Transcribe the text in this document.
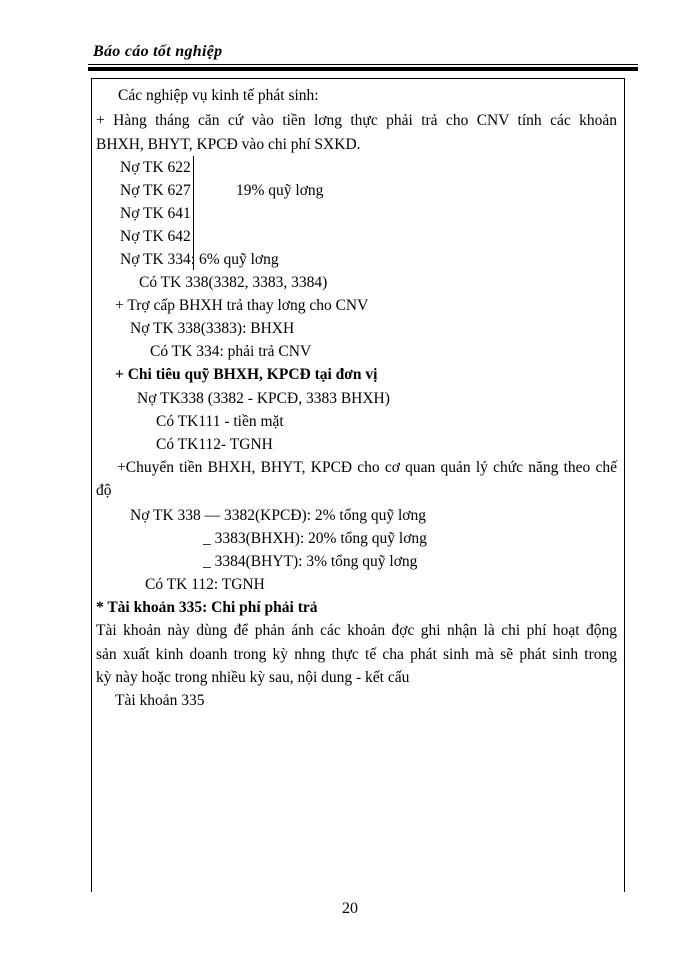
Báo cáo tốt nghiệp
Các nghiệp vụ kinh tế phát sinh:
+ Hàng tháng căn cứ vào tiền lơng thực phải trả cho CNV tính các khoản
BHXH, BHYT, KPCĐ vào chi phí SXKD.
Nợ TK 622
Nợ TK 627	19% quỹ lơng
Nợ TK 641
Nợ TK 642
Nợ TK 334: 6% quỹ lơng
Có TK 338(3382, 3383, 3384)
+ Trợ cấp BHXH trả thay lơng cho CNV
Nợ TK 338(3383): BHXH
Có TK 334: phải trả CNV
+ Chi tiêu quỹ BHXH, KPCĐ tại đơn vị
Nợ TK338 (3382 - KPCĐ, 3383 BHXH)
Có TK111 - tiền mặt
Có TK112- TGNH
+Chuyển tiền BHXH, BHYT, KPCĐ cho cơ quan quản lý chức năng theo chế
độ
Nợ TK 338 — 3382(KPCĐ): 2% tổng quỹ lơng
_ 3383(BHXH): 20% tổng quỹ lơng
_ 3384(BHYT): 3% tổng quỹ lơng
Có TK 112: TGNH
* Tài khoản 335: Chi phí phải trả
Tài khoản này dùng để phản ánh các khoản đợc ghi nhận là chi phí hoạt động
sản xuất kinh doanh trong kỳ nhng thực tế cha phát sinh mà sẽ phát sinh trong
kỳ này hoặc trong nhiều kỳ sau, nội dung - kết cấu
Tài khoản 335
20
